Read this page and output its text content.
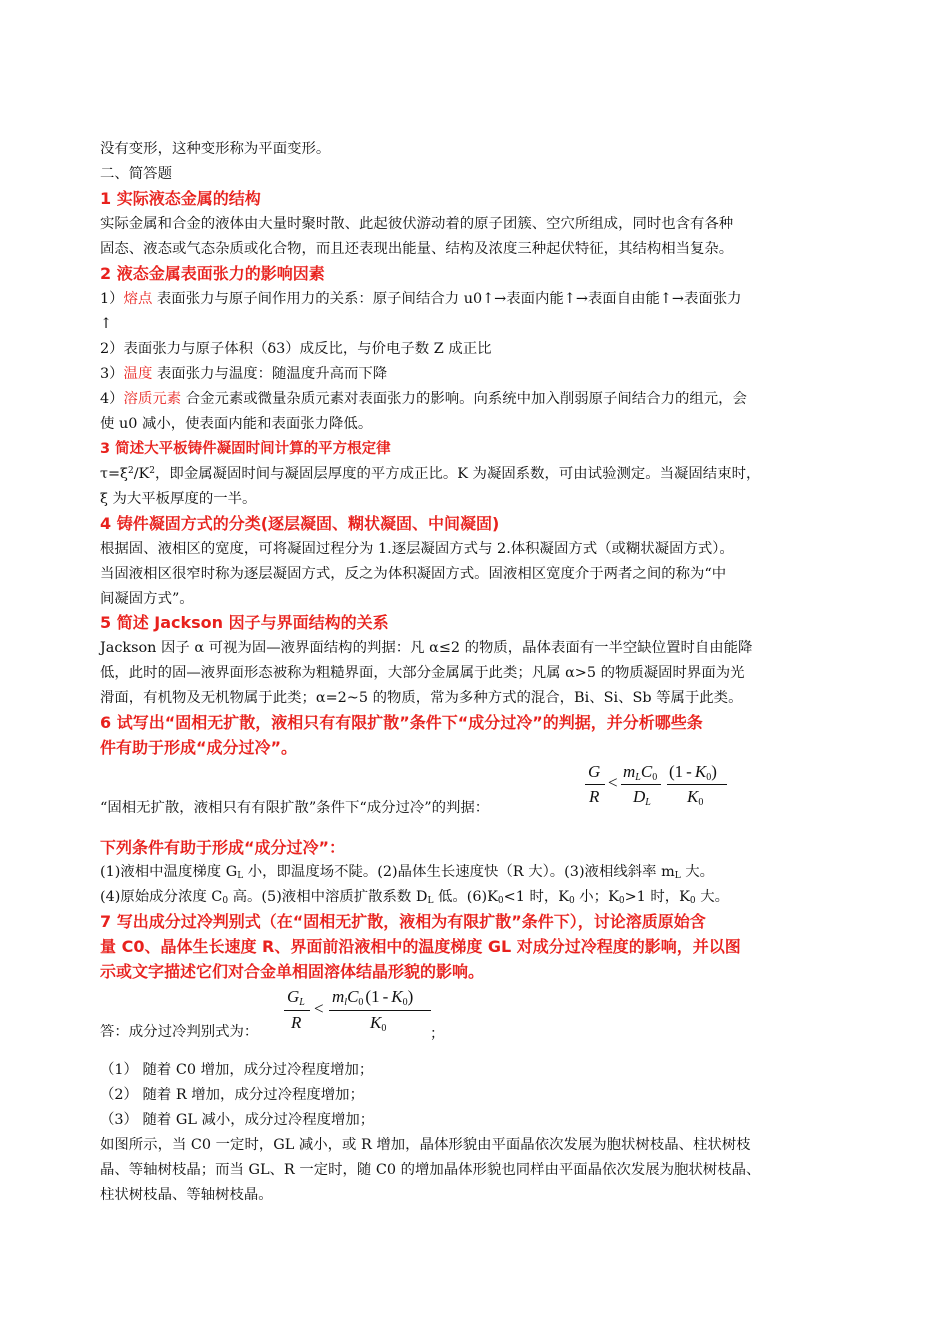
没有变形，这种变形称为平面变形。
二、简答题
1 实际液态金属的结构
实际金属和合金的液体由大量时聚时散、此起彼伏游动着的原子团簇、空穴所组成，同时也含有各种
固态、液态或气态杂质或化合物，而且还表现出能量、结构及浓度三种起伏特征，其结构相当复杂。
2 液态金属表面张力的影响因素
1）熔点 表面张力与原子间作用力的关系：原子间结合力 u0↑→表面内能↑→表面自由能↑→表面张力
↑
2）表面张力与原子体积（δ3）成反比，与价电子数 Z 成正比
3）温度 表面张力与温度：随温度升高而下降
4）溶质元素 合金元素或微量杂质元素对表面张力的影响。向系统中加入削弱原子间结合力的组元，会
使 u0 减小，使表面内能和表面张力降低。
3 简述大平板铸件凝固时间计算的平方根定律
$\tau=\xi^2/K^2$，即金属凝固时间与凝固层厚度的平方成正比。K 为凝固系数，可由试验测定。当凝固结束时，
ξ 为大平板厚度的一半。
4 铸件凝固方式的分类(逐层凝固、糊状凝固、中间凝固)
根据固、液相区的宽度，可将凝固过程分为 1.逐层凝固方式与 2.体积凝固方式（或糊状凝固方式）。
当固液相区很窄时称为逐层凝固方式，反之为体积凝固方式。固液相区宽度介于两者之间的称为“中
间凝固方式”。
5 简述 Jackson 因子与界面结构的关系
Jackson 因子 α 可视为固—液界面结构的判据：凡 α≤2 的物质，晶体表面有一半空缺位置时自由能降
低，此时的固—液界面形态被称为粗糙界面，大部分金属属于此类；凡属 α>5 的物质凝固时界面为光
滑面，有机物及无机物属于此类；α=2~5 的物质，常为多种方式的混合，Bi、Si、Sb 等属于此类。
6 试写出“固相无扩散，液相只有有限扩散”条件下“成分过冷”的判据，并分析哪些条
件有助于形成“成分过冷”。
“固相无扩散，液相只有有限扩散”条件下“成分过冷”的判据：
G
R
<
$m_LC_0$
$D_L$
$(1 - K_0)$
$K_0$
下列条件有助于形成“成分过冷”：
(1)液相中温度梯度 $G_L$ 小，即温度场不陡。(2)晶体生长速度快（R 大）。(3)液相线斜率 $m_L$ 大。
(4)原始成分浓度 $C_0$ 高。(5)液相中溶质扩散系数 $D_L$ 低。$(6)K_0<1$ 时，$K_0$ 小；$K_0>1$ 时，$K_0$ 大。
7 写出成分过冷判别式（在“固相无扩散，液相为有限扩散”条件下），讨论溶质原始含
量 C0、晶体生长速度 R、界面前沿液相中的温度梯度 GL 对成分过冷程度的影响，并以图
示或文字描述它们对合金单相固溶体结晶形貌的影响。
答：成分过冷判别式为：
$G_L$
R
<
$m_lC_0$ $(1 - K_0)$
$K_0$	；
（1） 随着 C0 增加，成分过冷程度增加；
（2） 随着 R 增加，成分过冷程度增加；
（3） 随着 GL 减小，成分过冷程度增加；
如图所示，当 C0 一定时，GL 减小，或 R 增加，晶体形貌由平面晶依次发展为胞状树枝晶、柱状树枝
晶、等轴树枝晶；而当 GL、R 一定时，随 C0 的增加晶体形貌也同样由平面晶依次发展为胞状树枝晶、
柱状树枝晶、等轴树枝晶。
